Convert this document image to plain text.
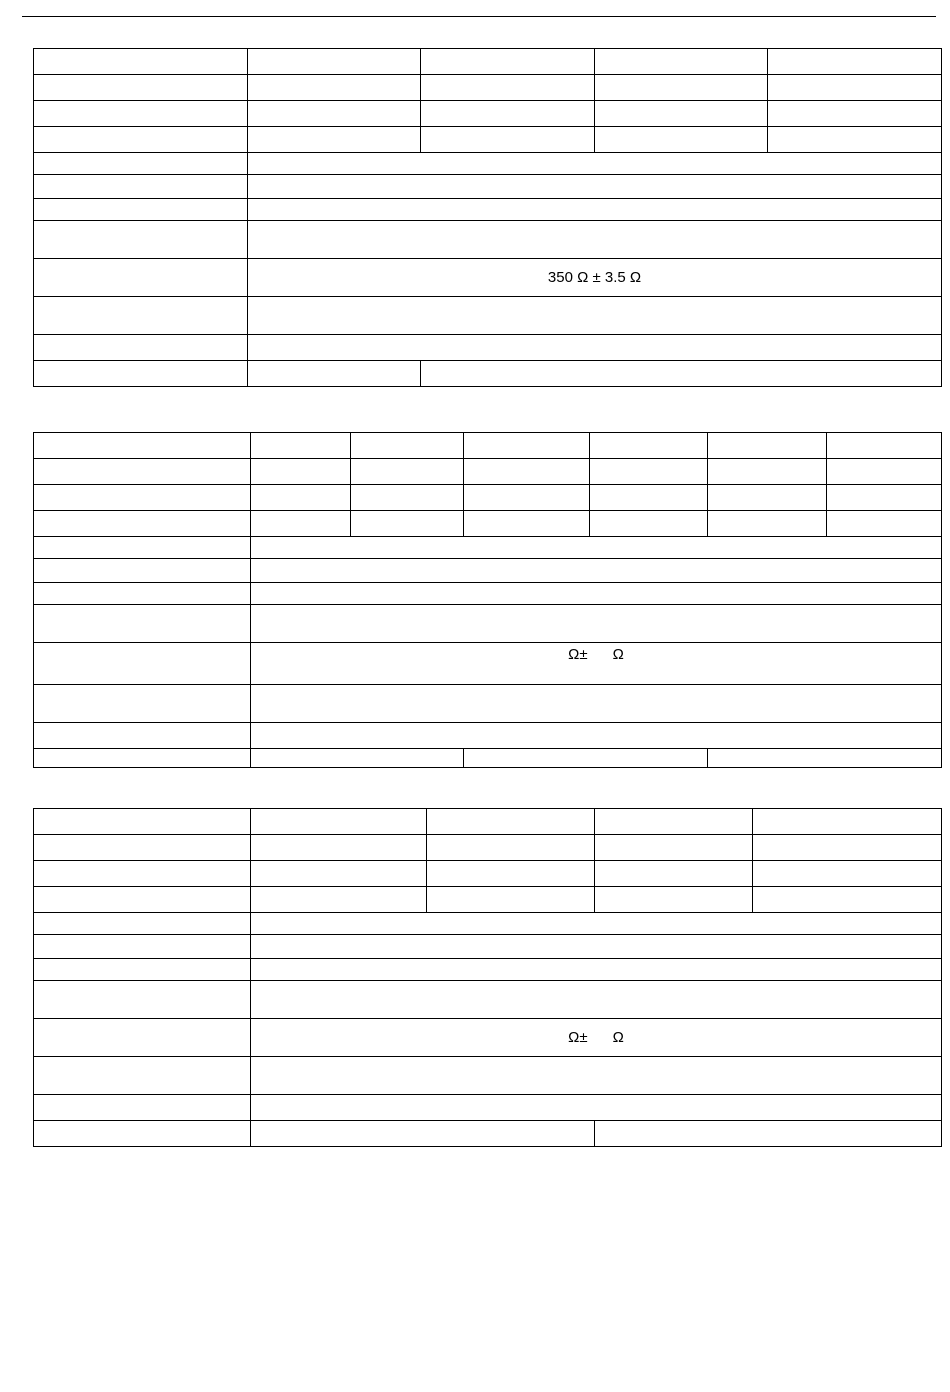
	350 Ω ± 3.5 Ω			

	Ω±      Ω					

	Ω±      Ω			
